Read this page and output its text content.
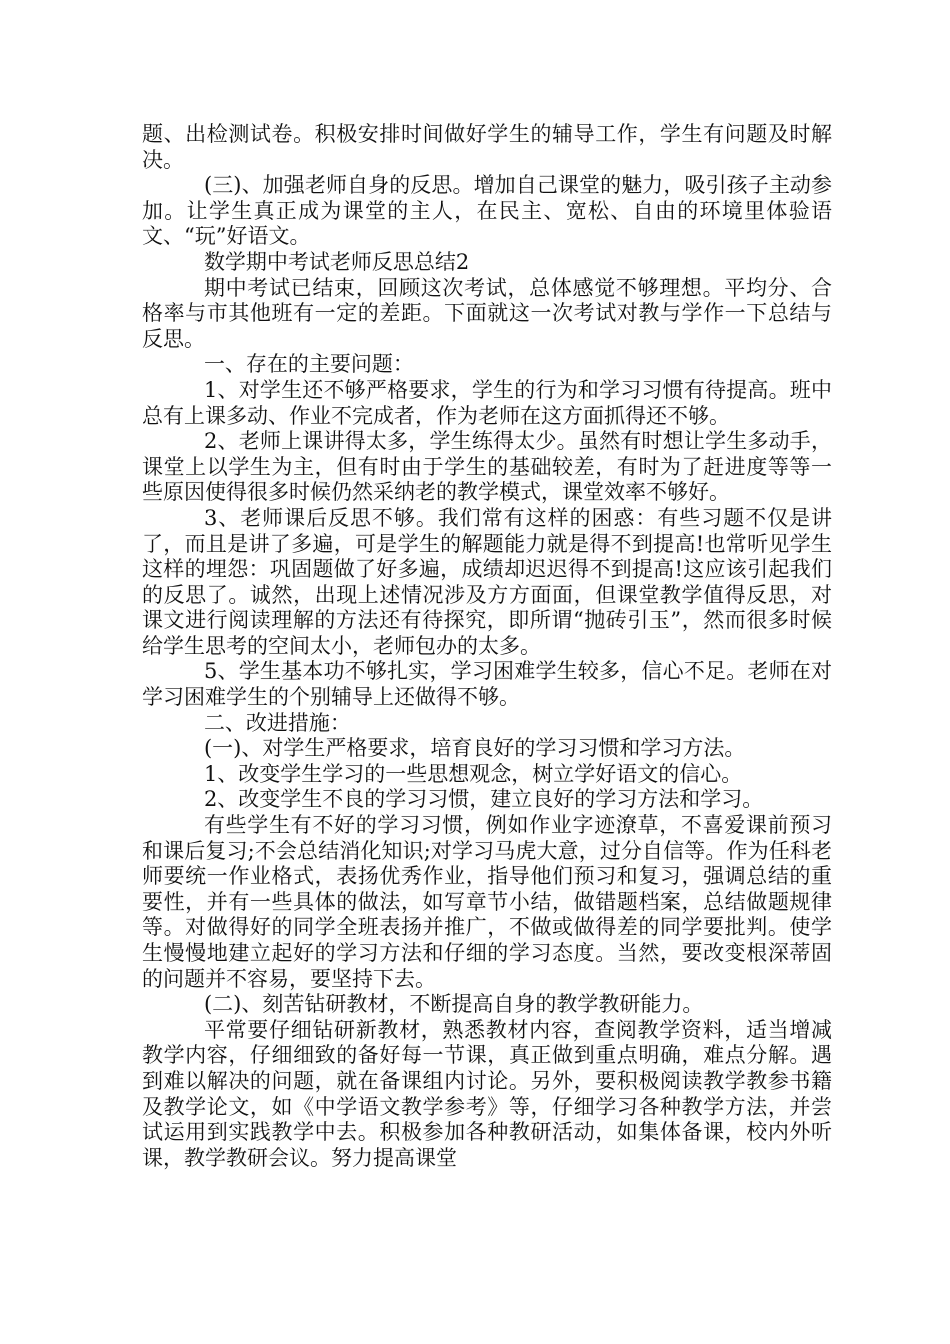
题、出检测试卷。积极安排时间做好学生的辅导工作，学生有问题及时解决。

(三)、加强老师自身的反思。增加自己课堂的魅力，吸引孩子主动参加。让学生真正成为课堂的主人，在民主、宽松、自由的环境里体验语文、“玩”好语文。

数学期中考试老师反思总结2

期中考试已结束，回顾这次考试，总体感觉不够理想。平均分、合格率与市其他班有一定的差距。下面就这一次考试对教与学作一下总结与反思。

一、存在的主要问题：

1、对学生还不够严格要求，学生的行为和学习习惯有待提高。班中总有上课多动、作业不完成者，作为老师在这方面抓得还不够。

2、老师上课讲得太多，学生练得太少。虽然有时想让学生多动手，课堂上以学生为主，但有时由于学生的基础较差，有时为了赶进度等等一些原因使得很多时候仍然采纳老的教学模式，课堂效率不够好。

3、老师课后反思不够。我们常有这样的困惑：有些习题不仅是讲了，而且是讲了多遍，可是学生的解题能力就是得不到提高!也常听见学生这样的埋怨：巩固题做了好多遍，成绩却迟迟得不到提高!这应该引起我们的反思了。诚然，出现上述情况涉及方方面面，但课堂教学值得反思，对课文进行阅读理解的方法还有待探究，即所谓“抛砖引玉”，然而很多时候给学生思考的空间太小，老师包办的太多。

5、学生基本功不够扎实，学习困难学生较多，信心不足。老师在对学习困难学生的个别辅导上还做得不够。

二、改进措施：

(一)、对学生严格要求，培育良好的学习习惯和学习方法。

1、改变学生学习的一些思想观念，树立学好语文的信心。

2、改变学生不良的学习习惯，建立良好的学习方法和学习。

有些学生有不好的学习习惯，例如作业字迹潦草，不喜爱课前预习和课后复习;不会总结消化知识;对学习马虎大意，过分自信等。作为任科老师要统一作业格式，表扬优秀作业，指导他们预习和复习，强调总结的重要性，并有一些具体的做法，如写章节小结，做错题档案，总结做题规律等。对做得好的同学全班表扬并推广，不做或做得差的同学要批判。使学生慢慢地建立起好的学习方法和仔细的学习态度。当然，要改变根深蒂固的问题并不容易，要坚持下去。

(二)、刻苦钻研教材，不断提高自身的教学教研能力。

平常要仔细钻研新教材，熟悉教材内容，查阅教学资料，适当增减教学内容，仔细细致的备好每一节课，真正做到重点明确，难点分解。遇到难以解决的问题，就在备课组内讨论。另外，要积极阅读教学教参书籍及教学论文，如《中学语文教学参考》等，仔细学习各种教学方法，并尝试运用到实践教学中去。积极参加各种教研活动，如集体备课，校内外听课，教学教研会议。努力提高课堂
